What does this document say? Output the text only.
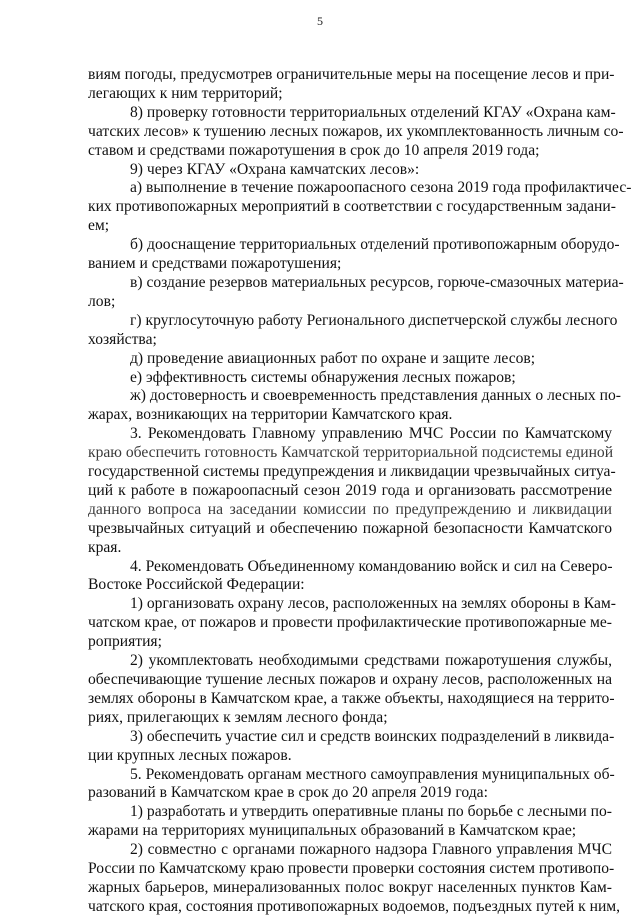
5
виям погоды, предусмотрев ограничительные меры на посещение лесов и при-
легающих к ним территорий;
8) проверку готовности территориальных отделений КГАУ «Охрана кам-
чатских лесов» к тушению лесных пожаров, их укомплектованность личным со-
ставом и средствами пожаротушения в срок до 10 апреля 2019 года;
9) через КГАУ «Охрана камчатских лесов»:
а) выполнение в течение пожароопасного сезона 2019 года профилактичес-
ких противопожарных мероприятий в соответствии с государственным задани-
ем;
б) дооснащение территориальных отделений противопожарным оборудо-
ванием и средствами пожаротушения;
в) создание резервов материальных ресурсов, горюче-смазочных материа-
лов;
г) круглосуточную работу Регионального диспетчерской службы лесного
хозяйства;
д) проведение авиационных работ по охране и защите лесов;
е) эффективность системы обнаружения лесных пожаров;
ж) достоверность и своевременность представления данных о лесных по-
жарах, возникающих на территории Камчатского края.
3. Рекомендовать Главному управлению МЧС России по Камчатскому
краю обеспечить готовность Камчатской территориальной подсистемы единой
государственной системы предупреждения и ликвидации чрезвычайных ситуа-
ций к работе в пожароопасный сезон 2019 года и организовать рассмотрение
данного вопроса на заседании комиссии по предупреждению и ликвидации
чрезвычайных ситуаций и обеспечению пожарной безопасности Камчатского
края.
4. Рекомендовать Объединенному командованию войск и сил на Северо-
Востоке Российской Федерации:
1) организовать охрану лесов, расположенных на землях обороны в Кам-
чатском крае, от пожаров и провести профилактические противопожарные ме-
роприятия;
2) укомплектовать необходимыми средствами пожаротушения службы,
обеспечивающие тушение лесных пожаров и охрану лесов, расположенных на
землях обороны в Камчатском крае, а также объекты, находящиеся на террито-
риях, прилегающих к землям лесного фонда;
3) обеспечить участие сил и средств воинских подразделений в ликвида-
ции крупных лесных пожаров.
5. Рекомендовать органам местного самоуправления муниципальных об-
разований в Камчатском крае в срок до 20 апреля 2019 года:
1) разработать и утвердить оперативные планы по борьбе с лесными по-
жарами на территориях муниципальных образований в Камчатском крае;
2) совместно с органами пожарного надзора Главного управления МЧС
России по Камчатскому краю провести проверки состояния систем противопо-
жарных барьеров, минерализованных полос вокруг населенных пунктов Кам-
чатского края, состояния противопожарных водоемов, подъездных путей к ним,
